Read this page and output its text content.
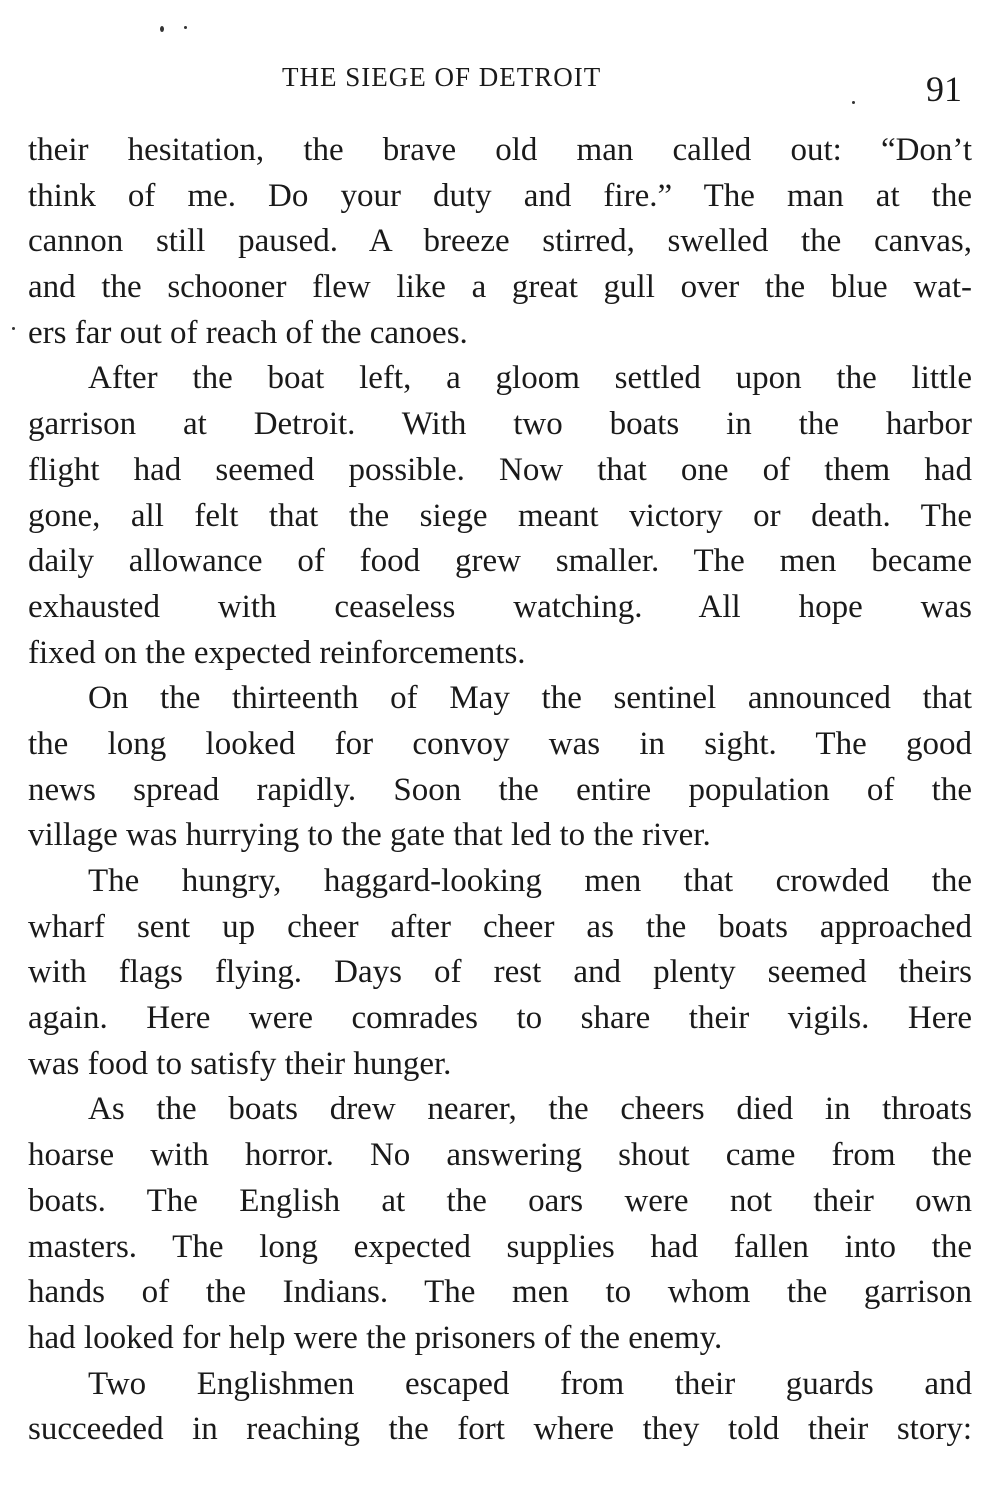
THE SIEGE OF DETROIT	91
their hesitation, the brave old man called out: “Don’t
think of me. Do your duty and fire.” The man at the
cannon still paused. A breeze stirred, swelled the canvas,
and the schooner flew like a great gull over the blue wat-
ers far out of reach of the canoes.
After the boat left, a gloom settled upon the little
garrison at Detroit. With two boats in the harbor
flight had seemed possible. Now that one of them had
gone, all felt that the siege meant victory or death. The
daily allowance of food grew smaller. The men became
exhausted with ceaseless watching. All hope was
fixed on the expected reinforcements.
On the thirteenth of May the sentinel announced that
the long looked for convoy was in sight. The good
news spread rapidly. Soon the entire population of the
village was hurrying to the gate that led to the river.
The hungry, haggard-looking men that crowded the
wharf sent up cheer after cheer as the boats approached
with flags flying. Days of rest and plenty seemed theirs
again. Here were comrades to share their vigils. Here
was food to satisfy their hunger.
As the boats drew nearer, the cheers died in throats
hoarse with horror. No answering shout came from the
boats. The English at the oars were not their own
masters. The long expected supplies had fallen into the
hands of the Indians. The men to whom the garrison
had looked for help were the prisoners of the enemy.
Two Englishmen escaped from their guards and
succeeded in reaching the fort where they told their story:
